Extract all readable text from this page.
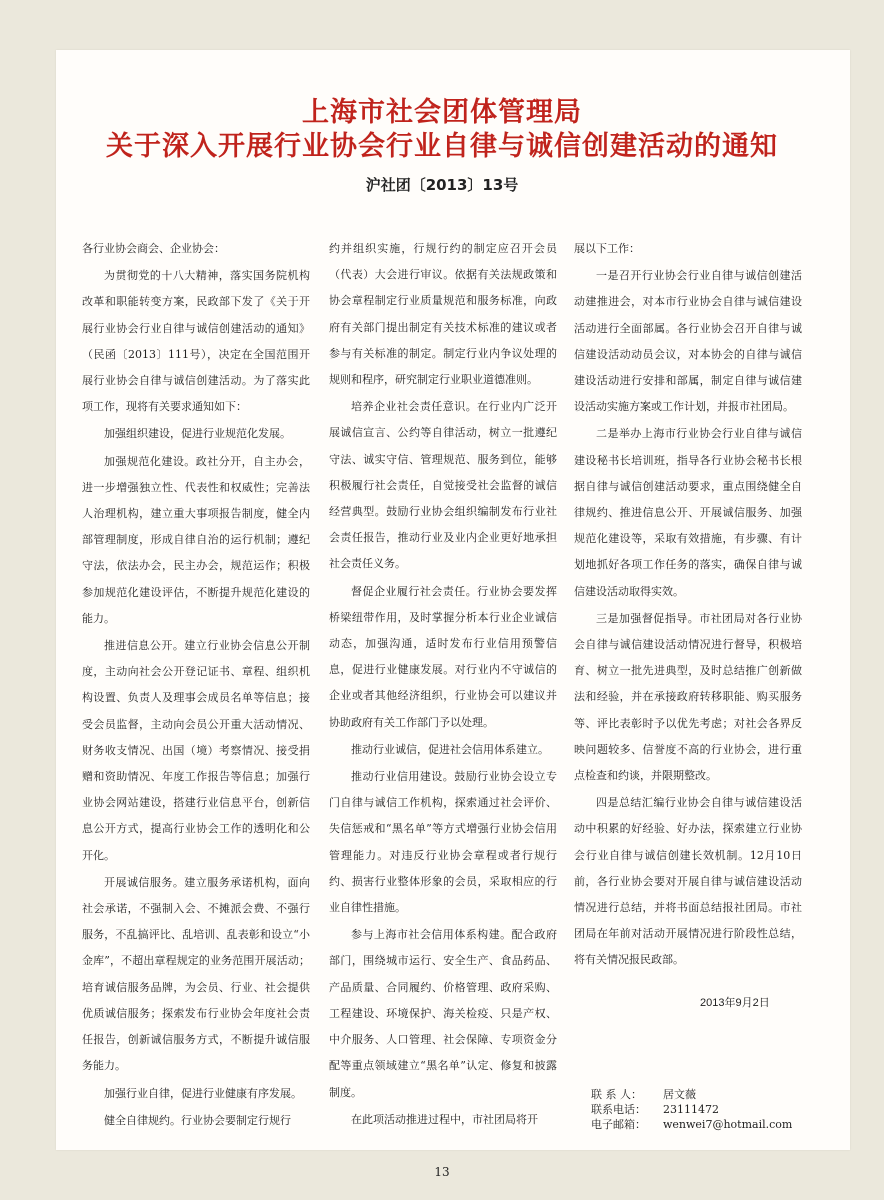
上海市社会团体管理局
关于深入开展行业协会行业自律与诚信创建活动的通知
沪社团〔2013〕13号

各行业协会商会、企业协会：

为贯彻党的十八大精神，落实国务院机构改革和职能转变方案，民政部下发了《关于开展行业协会行业自律与诚信创建活动的通知》（民函〔2013〕111号），决定在全国范围开展行业协会自律与诚信创建活动。为了落实此项工作，现将有关要求通知如下：

加强组织建设，促进行业规范化发展。

加强规范化建设。政社分开，自主办会，进一步增强独立性、代表性和权威性；完善法人治理机构，建立重大事项报告制度，健全内部管理制度，形成自律自治的运行机制；遵纪守法，依法办会，民主办会，规范运作；积极参加规范化建设评估，不断提升规范化建设的能力。

推进信息公开。建立行业协会信息公开制度，主动向社会公开登记证书、章程、组织机构设置、负责人及理事会成员名单等信息；接受会员监督，主动向会员公开重大活动情况、财务收支情况、出国（境）考察情况、接受捐赠和资助情况、年度工作报告等信息；加强行业协会网站建设，搭建行业信息平台，创新信息公开方式，提高行业协会工作的透明化和公开化。

开展诚信服务。建立服务承诺机构，面向社会承诺，不强制入会、不摊派会费、不强行服务，不乱搞评比、乱培训、乱表彰和设立“小金库”，不超出章程规定的业务范围开展活动；培育诚信服务品牌，为会员、行业、社会提供优质诚信服务；探索发布行业协会年度社会责任报告，创新诚信服务方式，不断提升诚信服务能力。

加强行业自律，促进行业健康有序发展。

健全自律规约。行业协会要制定行规行

约并组织实施，行规行约的制定应召开会员（代表）大会进行审议。依据有关法规政策和协会章程制定行业质量规范和服务标准，向政府有关部门提出制定有关技术标准的建议或者参与有关标准的制定。制定行业内争议处理的规则和程序，研究制定行业职业道德准则。

培养企业社会责任意识。在行业内广泛开展诚信宣言、公约等自律活动，树立一批遵纪守法、诚实守信、管理规范、服务到位，能够积极履行社会责任，自觉接受社会监督的诚信经营典型。鼓励行业协会组织编制发布行业社会责任报告，推动行业及业内企业更好地承担社会责任义务。

督促企业履行社会责任。行业协会要发挥桥梁纽带作用，及时掌握分析本行业企业诚信动态，加强沟通，适时发布行业信用预警信息，促进行业健康发展。对行业内不守诚信的企业或者其他经济组织，行业协会可以建议并协助政府有关工作部门予以处理。

推动行业诚信，促进社会信用体系建立。

推动行业信用建设。鼓励行业协会设立专门自律与诚信工作机构，探索通过社会评价、失信惩戒和“黑名单”等方式增强行业协会信用管理能力。对违反行业协会章程或者行规行约、损害行业整体形象的会员，采取相应的行业自律性措施。

参与上海市社会信用体系构建。配合政府部门，围绕城市运行、安全生产、食品药品、产品质量、合同履约、价格管理、政府采购、工程建设、环境保护、海关检疫、只是产权、中介服务、人口管理、社会保障、专项资金分配等重点领域建立“黑名单”认定、修复和披露制度。

在此项活动推进过程中，市社团局将开

展以下工作：

一是召开行业协会行业自律与诚信创建活动建推进会，对本市行业协会自律与诚信建设活动进行全面部属。各行业协会召开自律与诚信建设活动动员会议，对本协会的自律与诚信建设活动进行安排和部属，制定自律与诚信建设活动实施方案或工作计划，并报市社团局。

二是举办上海市行业协会行业自律与诚信建设秘书长培训班，指导各行业协会秘书长根据自律与诚信创建活动要求，重点围绕健全自律规约、推进信息公开、开展诚信服务、加强规范化建设等，采取有效措施，有步骤、有计划地抓好各项工作任务的落实，确保自律与诚信建设活动取得实效。

三是加强督促指导。市社团局对各行业协会自律与诚信建设活动情况进行督导，积极培育、树立一批先进典型，及时总结推广创新做法和经验，并在承接政府转移职能、购买服务等、评比表彰时予以优先考虑；对社会各界反映问题较多、信誉度不高的行业协会，进行重点检查和约谈，并限期整改。

四是总结汇编行业协会自律与诚信建设活动中积累的好经验、好办法，探索建立行业协会行业自律与诚信创建长效机制。12月10日前，各行业协会要对开展自律与诚信建设活动情况进行总结，并将书面总结报社团局。市社团局在年前对活动开展情况进行阶段性总结，将有关情况报民政部。

2013年9月2日
联 系 人： 居文薇
联系电话： 23111472
电子邮箱： wenwei7@hotmail.com
13
